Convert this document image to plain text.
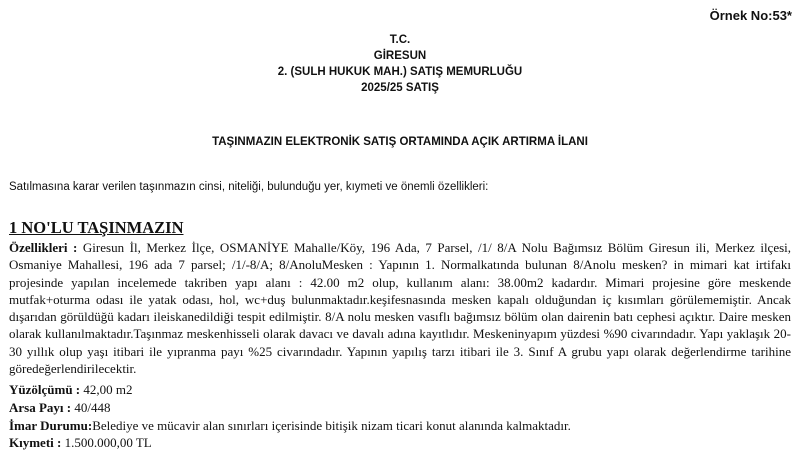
Örnek No:53*
T.C.
GİRESUN
2. (SULH HUKUK MAH.) SATIŞ MEMURLUĞU
2025/25 SATIŞ
TAŞINMAZIN ELEKTRONİK SATIŞ ORTAMINDA AÇIK ARTIRMA İLANI
Satılmasına karar verilen taşınmazın cinsi, niteliği, bulunduğu yer, kıymeti ve önemli özellikleri:
1 NO'LU TAŞINMAZIN
Özellikleri : Giresun İl, Merkez İlçe, OSMANİYE Mahalle/Köy, 196 Ada, 7 Parsel, /1/ 8/A Nolu Bağımsız Bölüm Giresun ili, Merkez ilçesi, Osmaniye Mahallesi, 196 ada 7 parsel; /1/-8/A; 8/AnoluMesken : Yapının 1. Normalkatında bulunan 8/Anolu mesken? in mimari kat irtifakı projesinde yapılan incelemede takriben yapı alanı : 42.00 m2 olup, kullanım alanı: 38.00m2 kadardır. Mimari projesine göre meskende mutfak+oturma odası ile yatak odası, hol, wc+duş bulunmaktadır.keşifesnasında mesken kapalı olduğundan iç kısımları görülememiştir. Ancak dışarıdan görüldüğü kadarı ileiskanedildiği tespit edilmiştir. 8/A nolu mesken vasıflı bağımsız bölüm olan dairenin batı cephesi açıktır. Daire mesken olarak kullanılmaktadır.Taşınmaz meskenhisseli olarak davacı ve davalı adına kayıtlıdır. Meskeninyapım yüzdesi %90 civarındadır. Yapı yaklaşık 20-30 yıllık olup yaşı itibari ile yıpranma payı %25 civarındadır. Yapının yapılış tarzı itibari ile 3. Sınıf A grubu yapı olarak değerlendirme tarihine göredeğerlendirilecektir.
Yüzölçümü : 42,00 m2
Arsa Payı : 40/448
İmar Durumu:Belediye ve mücavir alan sınırları içerisinde bitişik nizam ticari konut alanında kalmaktadır.
Kıymeti : 1.500.000,00 TL
